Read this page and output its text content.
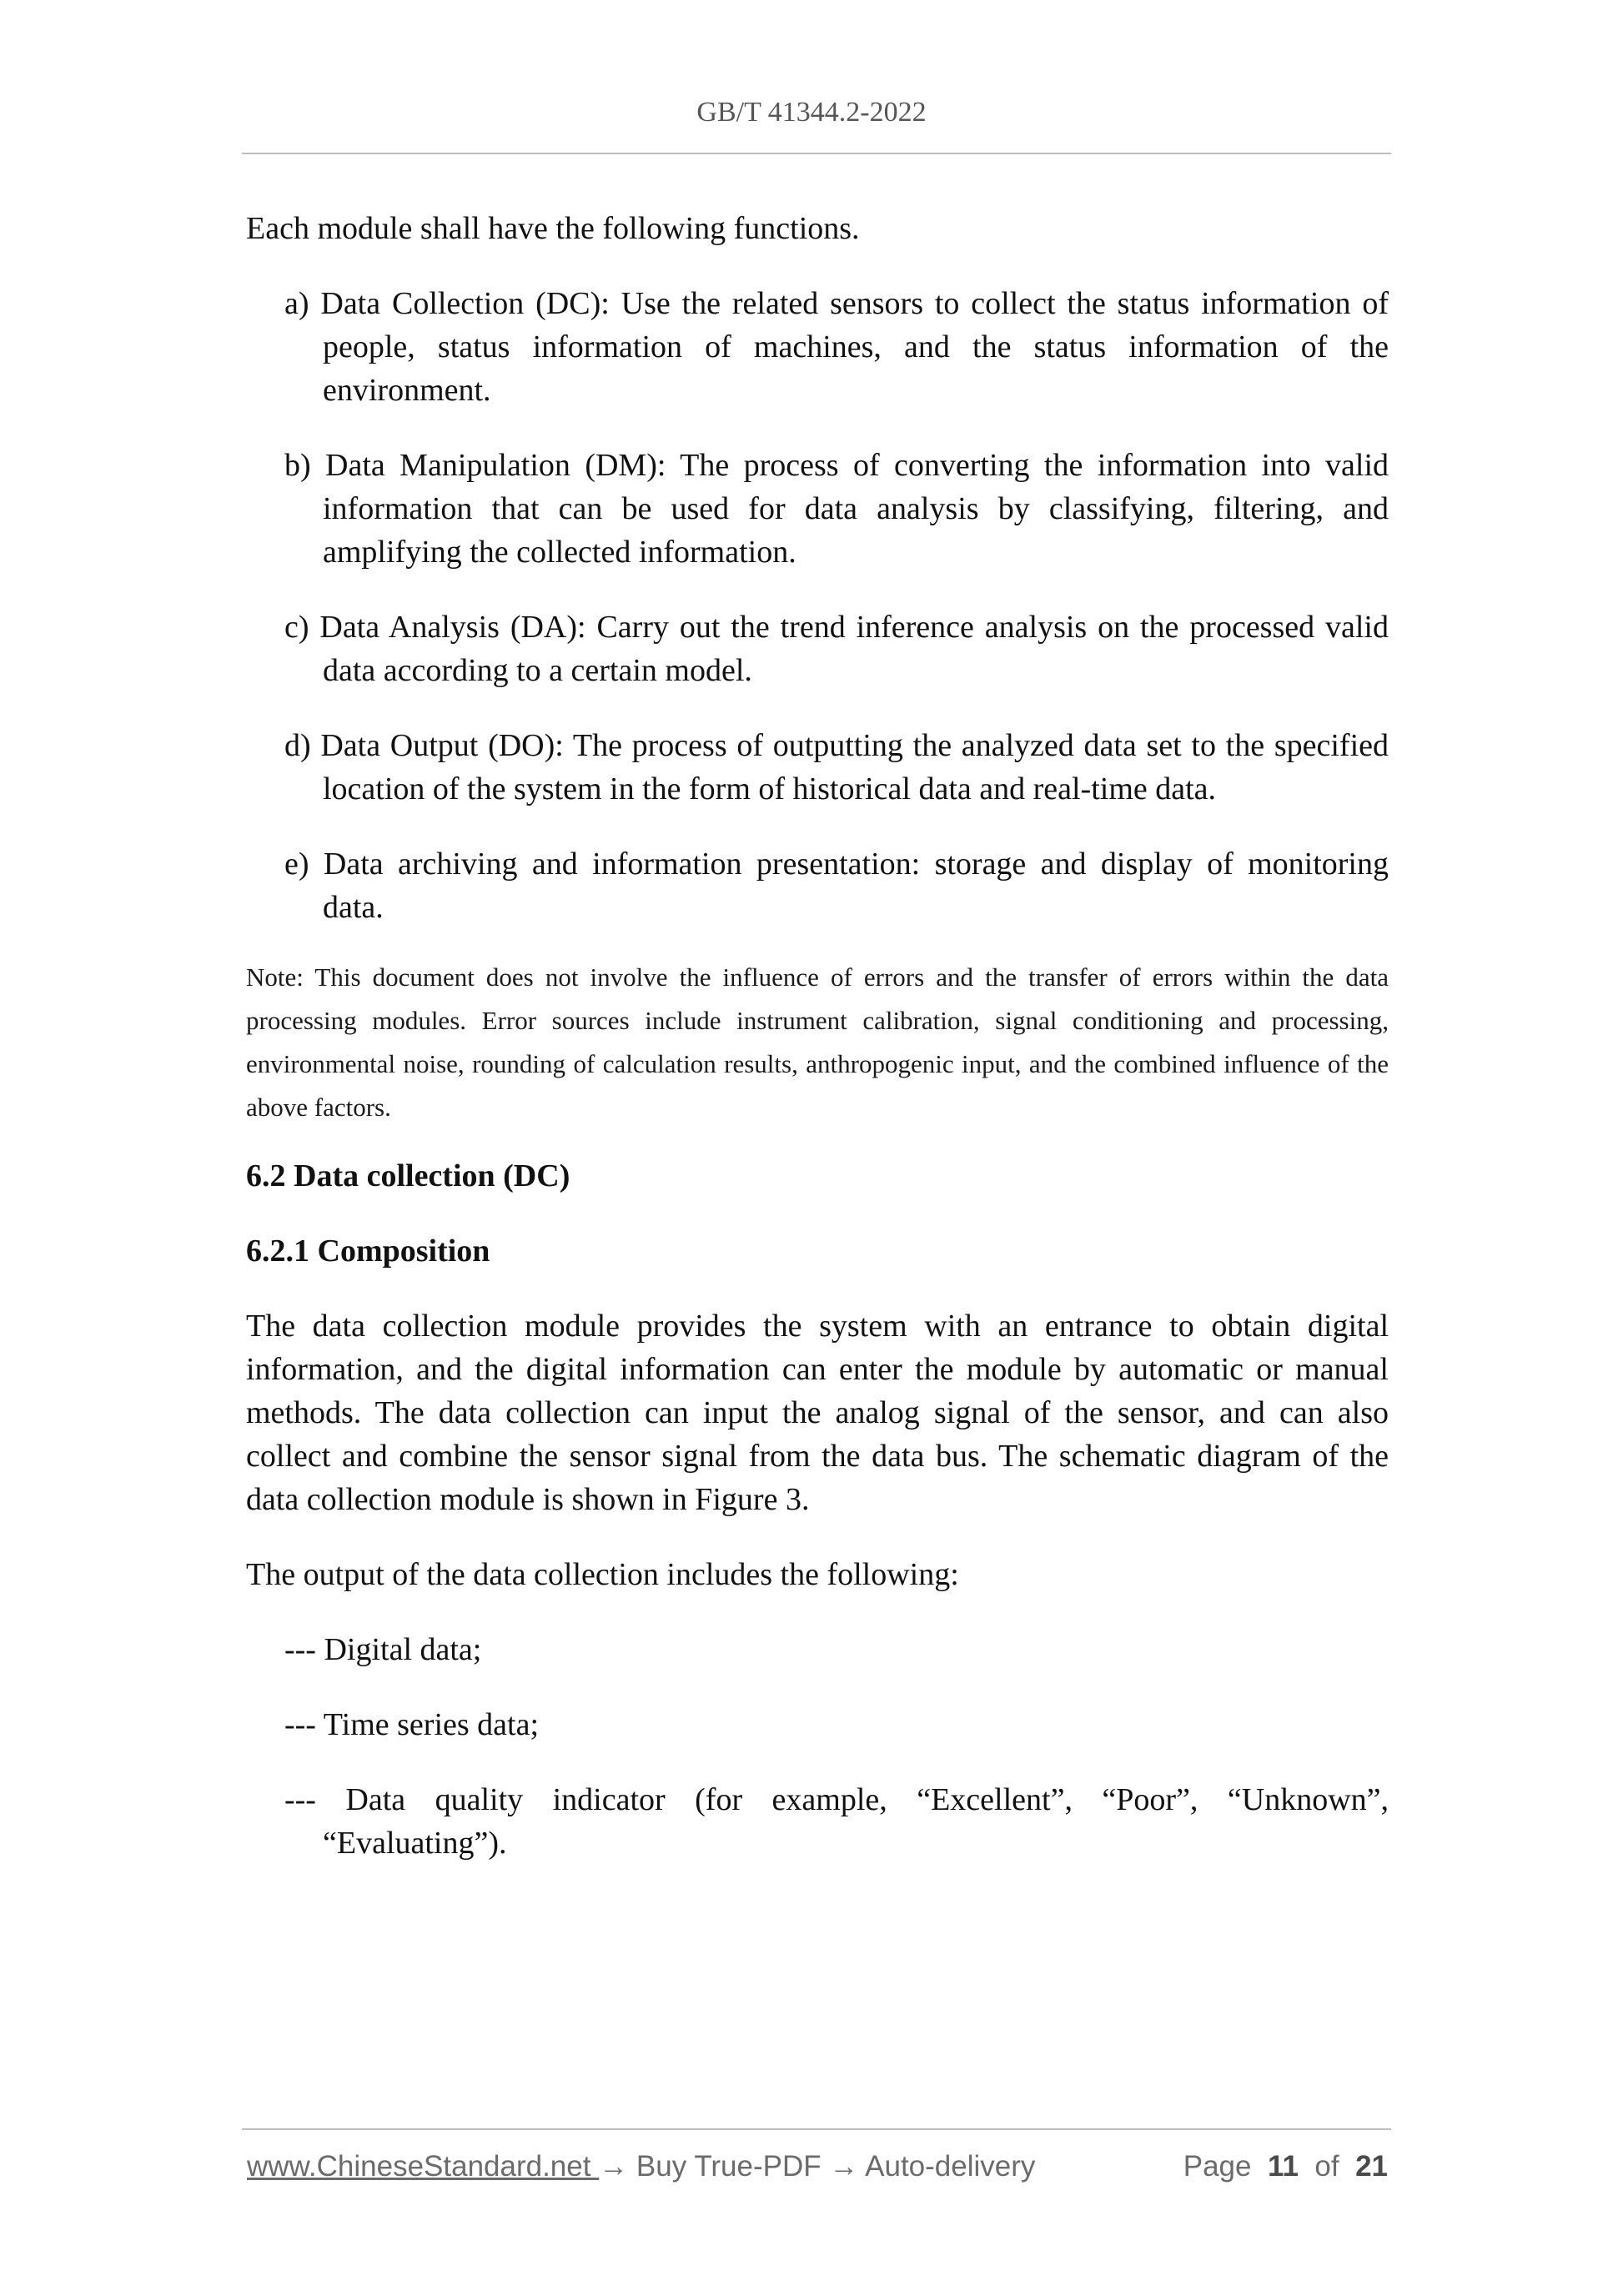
GB/T 41344.2-2022

Each module shall have the following functions.

a) Data Collection (DC): Use the related sensors to collect the status information of people, status information of machines, and the status information of the environment.

b) Data Manipulation (DM): The process of converting the information into valid information that can be used for data analysis by classifying, filtering, and amplifying the collected information.

c) Data Analysis (DA): Carry out the trend inference analysis on the processed valid data according to a certain model.

d) Data Output (DO): The process of outputting the analyzed data set to the specified location of the system in the form of historical data and real-time data.

e) Data archiving and information presentation: storage and display of monitoring data.

Note: This document does not involve the influence of errors and the transfer of errors within the data processing modules. Error sources include instrument calibration, signal conditioning and processing, environmental noise, rounding of calculation results, anthropogenic input, and the combined influence of the above factors.

6.2 Data collection (DC)
6.2.1 Composition

The data collection module provides the system with an entrance to obtain digital information, and the digital information can enter the module by automatic or manual methods. The data collection can input the analog signal of the sensor, and can also collect and combine the sensor signal from the data bus. The schematic diagram of the data collection module is shown in Figure 3.

The output of the data collection includes the following:

--- Digital data;

--- Time series data;

--- Data quality indicator (for example, “Excellent”, “Poor”, “Unknown”, “Evaluating”).

www.ChineseStandard.net → Buy True-PDF → Auto-delivery	Page 11 of 21
